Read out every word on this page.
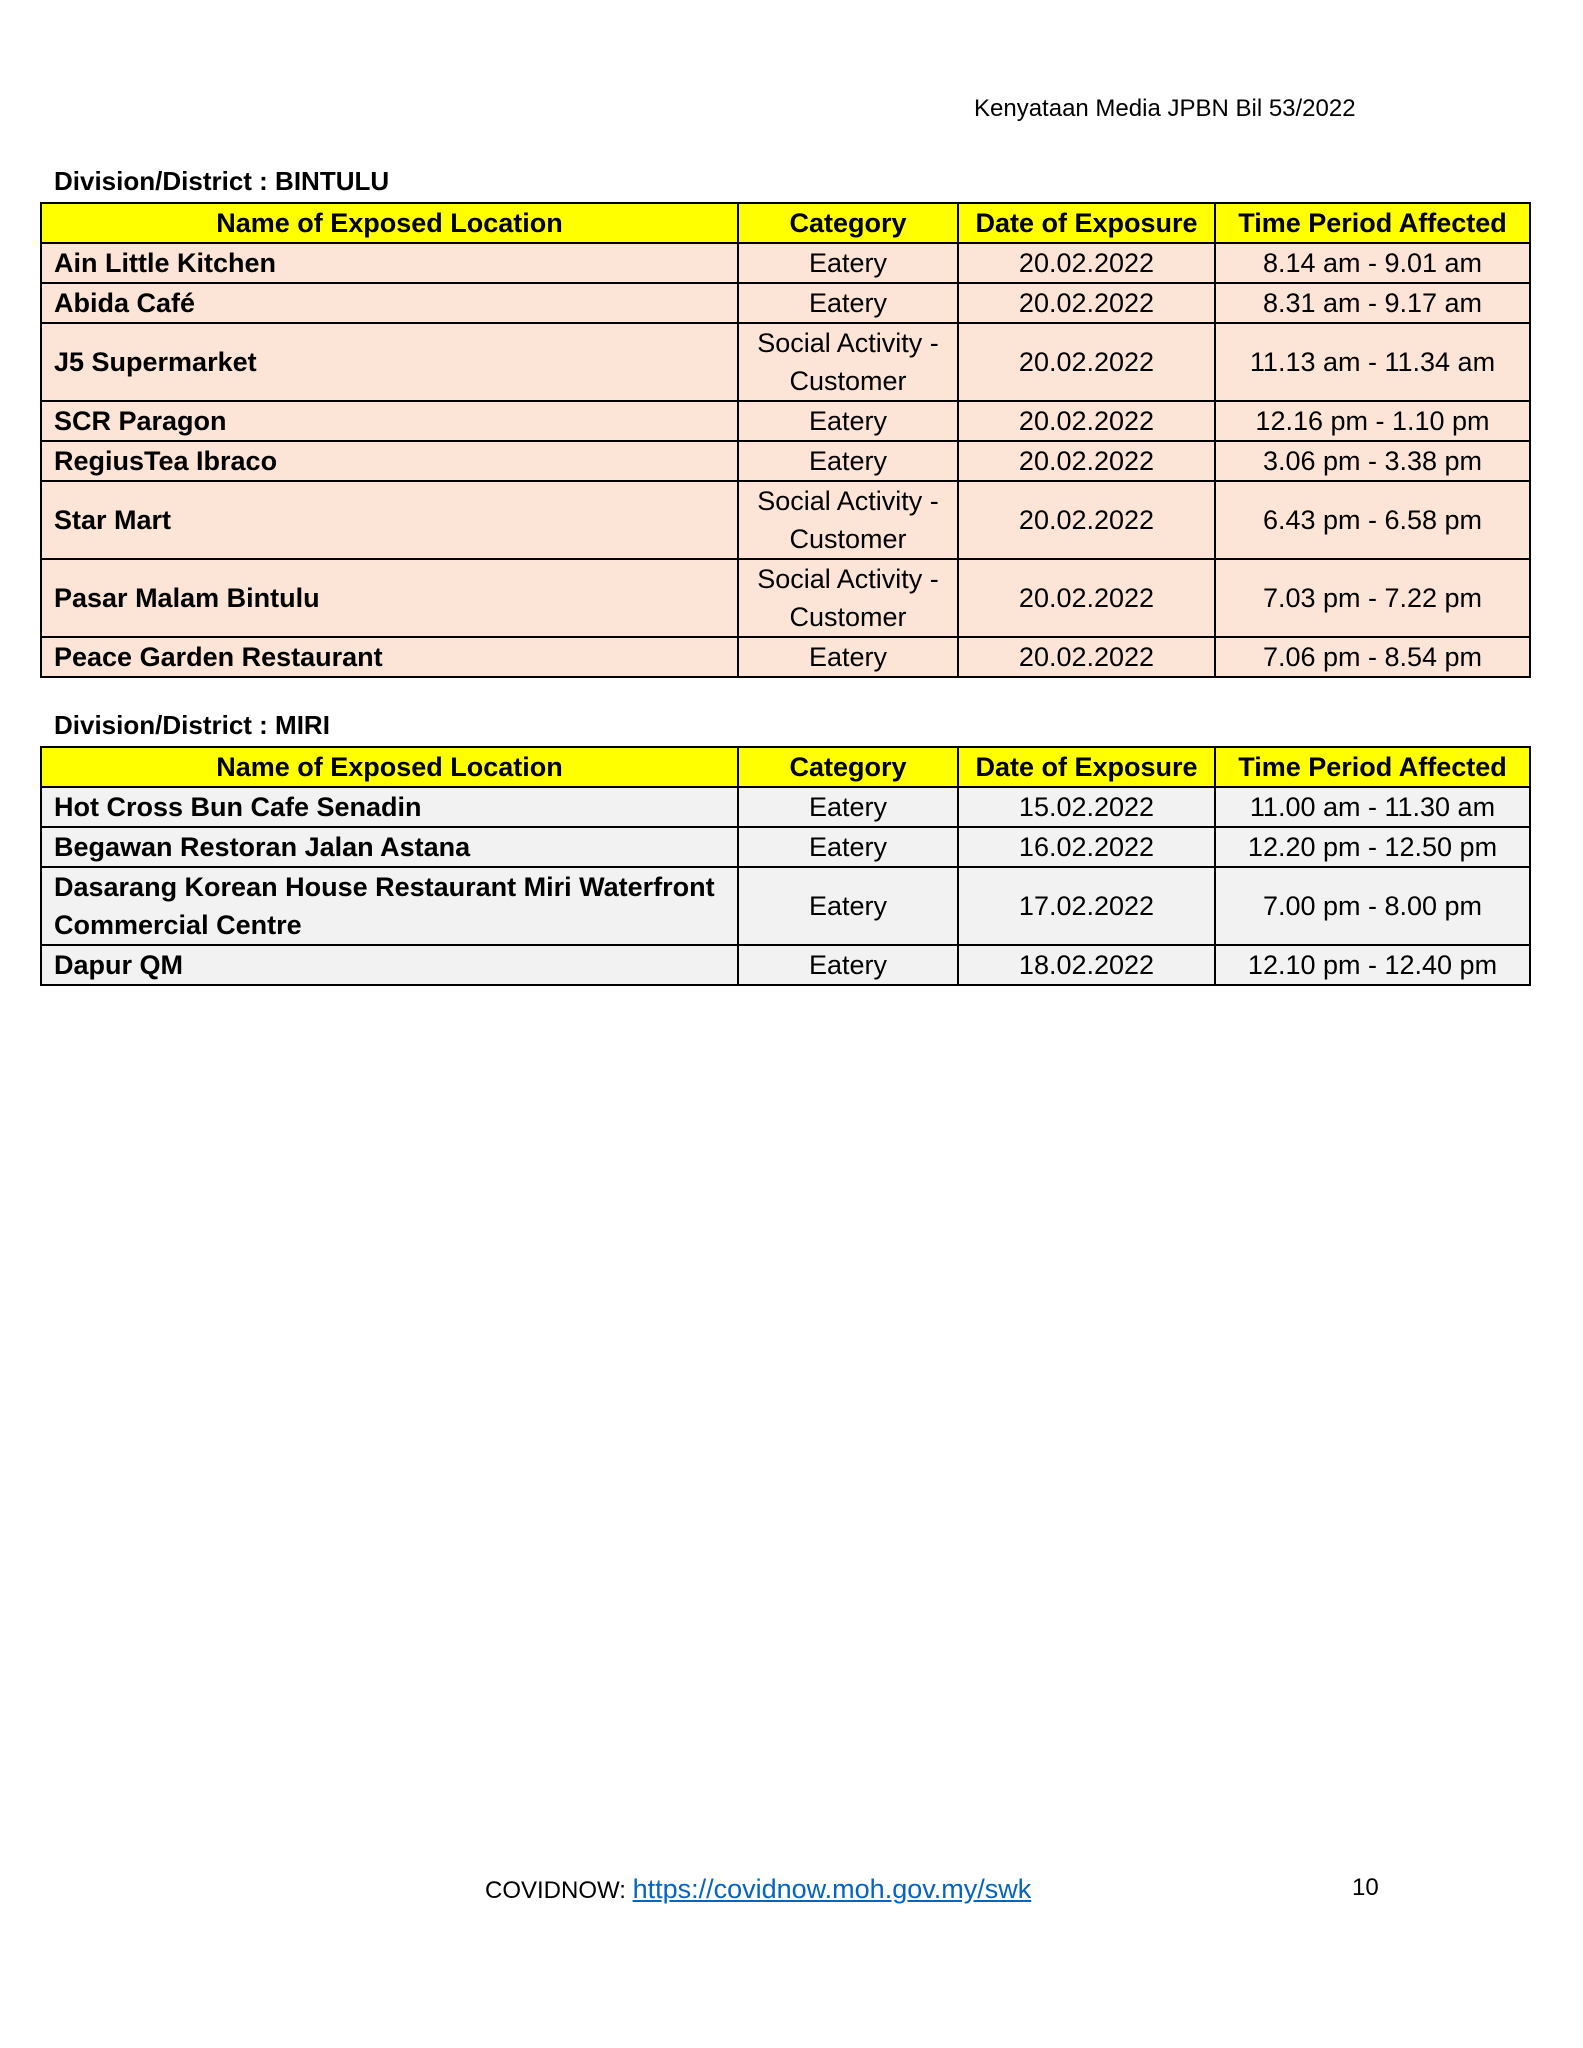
Kenyataan Media JPBN Bil 53/2022
Division/District : BINTULU
Name of Exposed Location	Category	Date of Exposure	Time Period Affected
Ain Little Kitchen	Eatery	20.02.2022	8.14 am - 9.01 am
Abida Café	Eatery	20.02.2022	8.31 am - 9.17 am
J5 Supermarket	Social Activity - Customer	20.02.2022	11.13 am - 11.34 am
SCR Paragon	Eatery	20.02.2022	12.16 pm - 1.10 pm
RegiusTea Ibraco	Eatery	20.02.2022	3.06 pm - 3.38 pm
Star Mart	Social Activity - Customer	20.02.2022	6.43 pm - 6.58 pm
Pasar Malam Bintulu	Social Activity - Customer	20.02.2022	7.03 pm - 7.22 pm
Peace Garden Restaurant	Eatery	20.02.2022	7.06 pm - 8.54 pm
Division/District : MIRI
Name of Exposed Location	Category	Date of Exposure	Time Period Affected
Hot Cross Bun Cafe Senadin	Eatery	15.02.2022	11.00 am - 11.30 am
Begawan Restoran Jalan Astana	Eatery	16.02.2022	12.20 pm - 12.50 pm
Dasarang Korean House Restaurant Miri Waterfront Commercial Centre	Eatery	17.02.2022	7.00 pm - 8.00 pm
Dapur QM	Eatery	18.02.2022	12.10 pm - 12.40 pm
COVIDNOW: https://covidnow.moh.gov.my/swk	10
